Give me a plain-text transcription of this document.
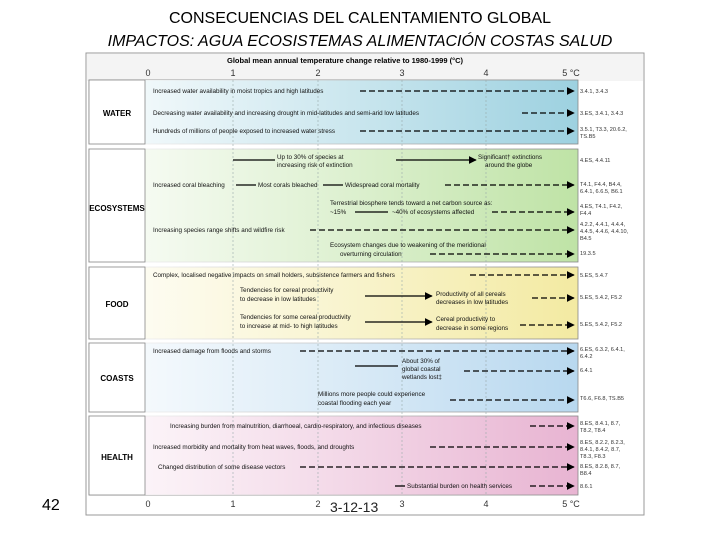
CONSECUENCIAS DEL CALENTAMIENTO GLOBAL
IMPACTOS: AGUA ECOSISTEMAS ALIMENTACIÓN COSTAS SALUD
Global mean annual temperature change relative to 1980-1999 (°C)
0	1	2	3	4	5 °C
WATER
ECOSYSTEMS
FOOD
COASTS
HEALTH
Increased water availability in moist tropics and high latitudes
Decreasing water availability and increasing drought in mid-latitudes and semi-arid low latitudes
Hundreds of millions of people exposed to increased water stress
Up to 30% of species at
increasing risk of extinction
Significant† extinctions
around the globe
Increased coral bleaching	Most corals bleached	Widespread coral mortality
Terrestrial biosphere tends toward a net carbon source as:
~15%	~40% of ecosystems affected
Increasing species range shifts and wildfire risk
Ecosystem changes due to weakening of the meridional
overturning circulation
Complex, localised negative impacts on small holders, subsistence farmers and fishers
Tendencies for cereal productivity
to decrease in low latitudes
Productivity of all cereals
decreases in low latitudes
Tendencies for some cereal productivity
to increase at mid- to high latitudes
Cereal productivity to
decrease in some regions
Increased damage from floods and storms
About 30% of
global coastal
wetlands lost‡
Millions more people could experience
coastal flooding each year
Increasing burden from malnutrition, diarrhoeal, cardio-respiratory, and infectious diseases
Increased morbidity and mortality from heat waves, floods, and droughts
Changed distribution of some disease vectors
Substantial burden on health services
3.4.1, 3.4.3
3.ES, 3.4.1, 3.4.3
3.5.1, T3.3, 20.6.2,
TS.B5
4.ES, 4.4.11
T4.1, F4.4, B4.4,
6.4.1, 6.6.5, B6.1
4.ES, T4.1, F4.2,
F4.4
4.2.2, 4.4.1, 4.4.4,
4.4.5, 4.4.6, 4.4.10,
B4.5
19.3.5
5.ES, 5.4.7
5.ES, 5.4.2, F5.2
5.ES, 5.4.2, F5.2
6.ES, 6.3.2, 6.4.1,
6.4.2
6.4.1
T6.6, F6.8, TS.B5
8.ES, 8.4.1, 8.7,
T8.2, T8.4
8.ES, 8.2.2, 8.2.3,
8.4.1, 8.4.2, 8.7,
T8.3, F8.3
8.ES, 8.2.8, 8.7,
B8.4
8.6.1
0	1	2	3	4	5 °C
42	3-12-13
